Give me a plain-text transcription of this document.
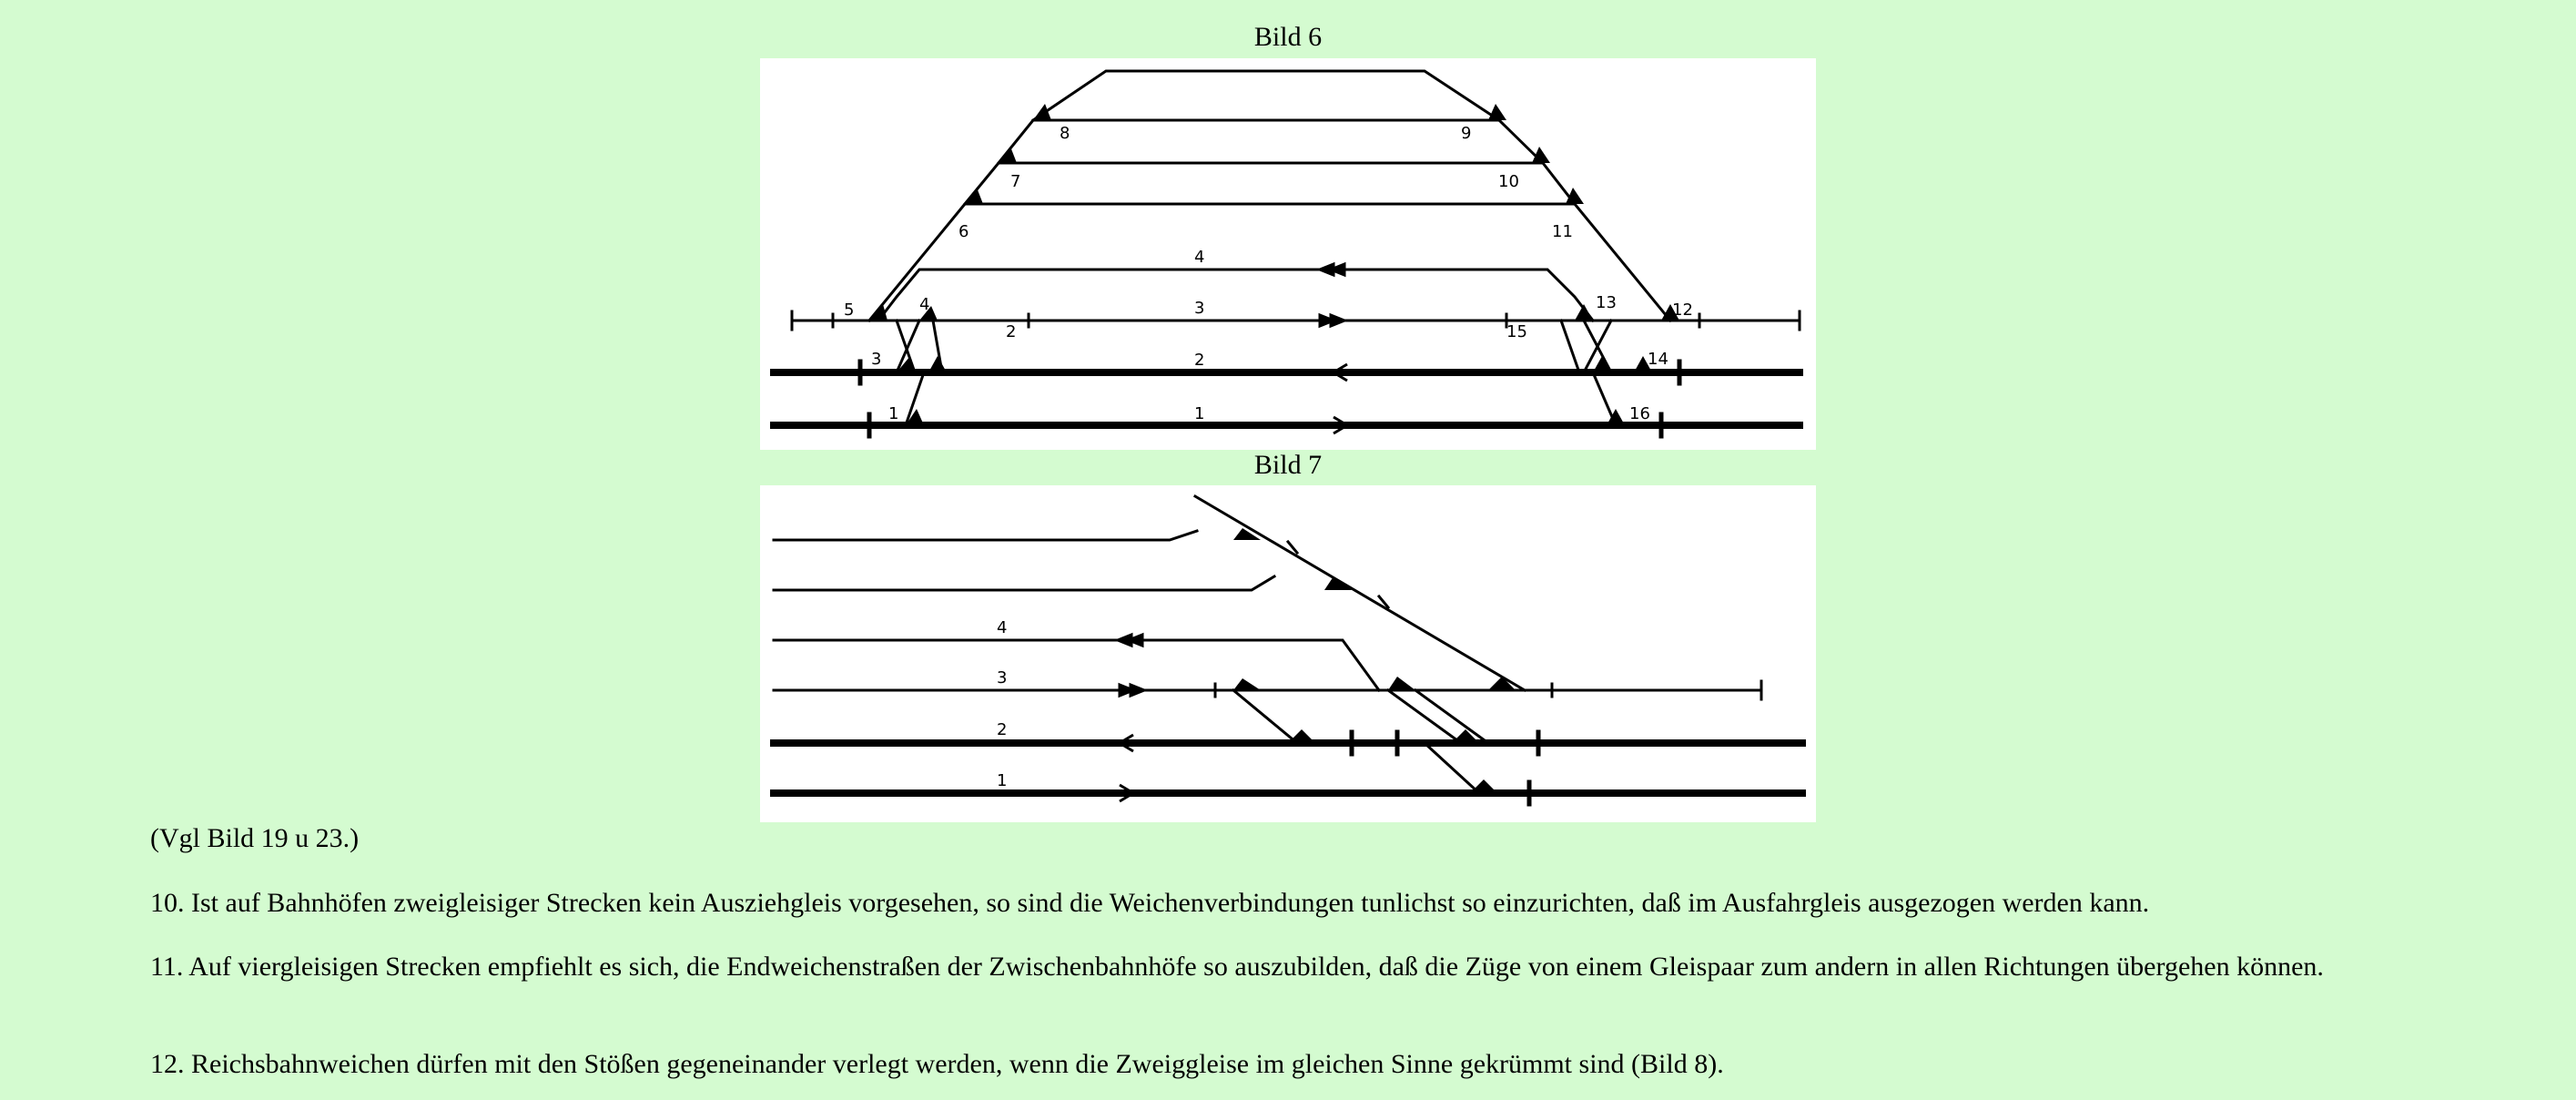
Bild 6
1
2
3
4
1
2
3
4
5
6
7
8	9
10
11
12
13
14
15
16
Bild 7
1
2
3
4

(Vgl Bild 19 u 23.)

10. Ist auf Bahnhöfen zweigleisiger Strecken kein Ausziehgleis vorgesehen, so sind die Weichenverbindungen tunlichst so einzurichten, daß im Ausfahrgleis ausgezogen werden kann.

11. Auf viergleisigen Strecken empfiehlt es sich, die Endweichenstraßen der Zwischenbahnhöfe so auszubilden, daß die Züge von einem Gleispaar zum andern in allen Richtungen übergehen können.

12. Reichsbahnweichen dürfen mit den Stößen gegeneinander verlegt werden, wenn die Zweiggleise im gleichen Sinne gekrümmt sind (Bild 8).
